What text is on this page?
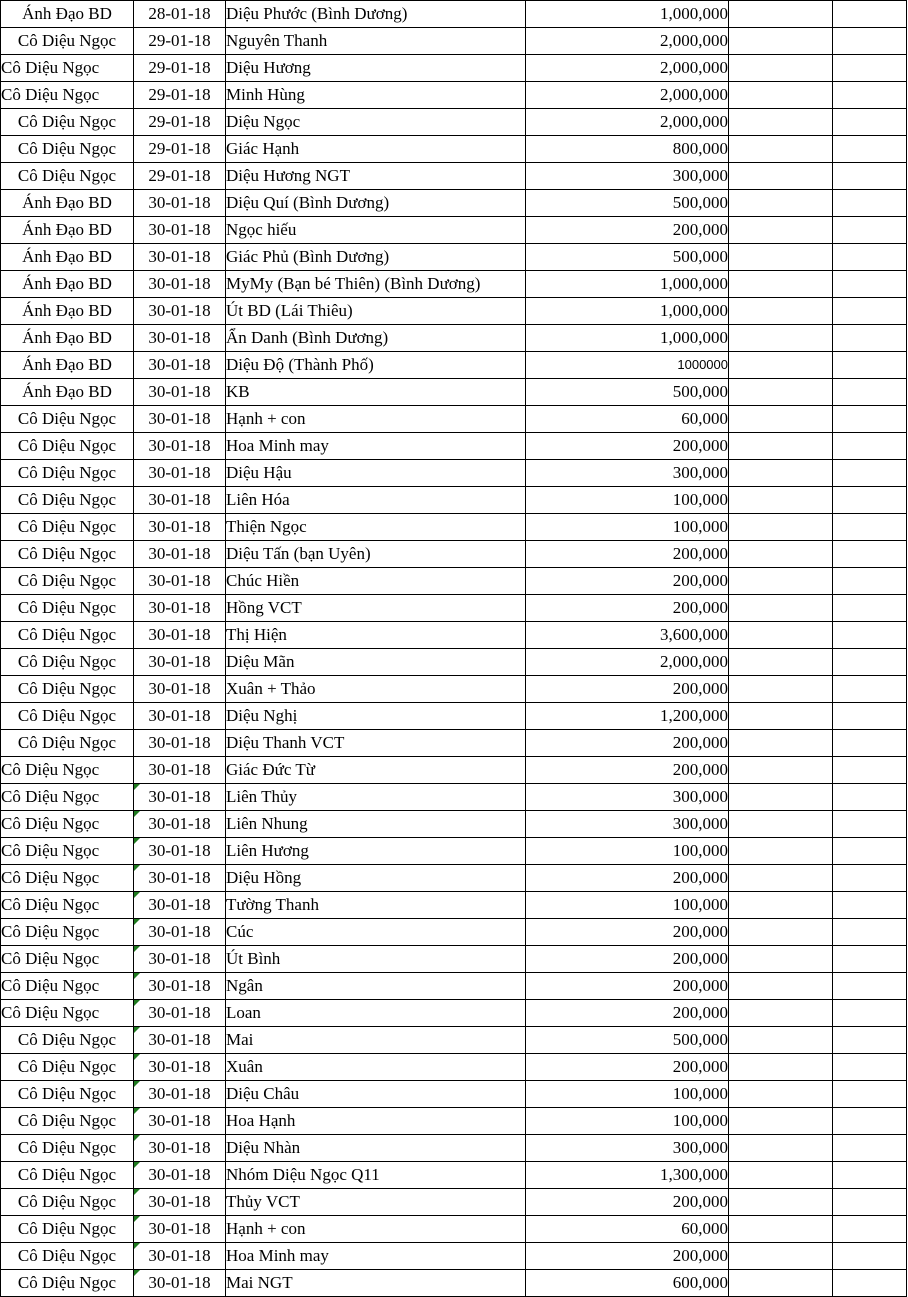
Ánh Đạo BD	28-01-18	Diệu Phước (Bình Dương)	1,000,000		
Cô Diệu Ngọc	29-01-18	Nguyên Thanh	2,000,000		
Cô Diệu Ngọc	29-01-18	Diệu Hương	2,000,000		
Cô Diệu Ngọc	29-01-18	Minh Hùng	2,000,000		
Cô Diệu Ngọc	29-01-18	Diệu Ngọc	2,000,000		
Cô Diệu Ngọc	29-01-18	Giác Hạnh	800,000		
Cô Diệu Ngọc	29-01-18	Diệu Hương NGT	300,000		
Ánh Đạo BD	30-01-18	Diệu Quí (Bình Dương)	500,000		
Ánh Đạo BD	30-01-18	Ngọc hiếu	200,000		
Ánh Đạo BD	30-01-18	Giác Phủ (Bình Dương)	500,000		
Ánh Đạo BD	30-01-18	MyMy (Bạn bé Thiên) (Bình Dương)	1,000,000		
Ánh Đạo BD	30-01-18	Út BD (Lái Thiêu)	1,000,000		
Ánh Đạo BD	30-01-18	Ẩn Danh (Bình Dương)	1,000,000		
Ánh Đạo BD	30-01-18	Diệu Độ (Thành Phố)	1000000		
Ánh Đạo BD	30-01-18	KB	500,000		
Cô Diệu Ngọc	30-01-18	Hạnh + con	60,000		
Cô Diệu Ngọc	30-01-18	Hoa Minh may	200,000		
Cô Diệu Ngọc	30-01-18	Diệu Hậu	300,000		
Cô Diệu Ngọc	30-01-18	Liên Hóa	100,000		
Cô Diệu Ngọc	30-01-18	Thiện Ngọc	100,000		
Cô Diệu Ngọc	30-01-18	Diệu Tấn (bạn Uyên)	200,000		
Cô Diệu Ngọc	30-01-18	Chúc Hiền	200,000		
Cô Diệu Ngọc	30-01-18	Hồng VCT	200,000		
Cô Diệu Ngọc	30-01-18	Thị Hiện	3,600,000		
Cô Diệu Ngọc	30-01-18	Diệu Mãn	2,000,000		
Cô Diệu Ngọc	30-01-18	Xuân + Thảo	200,000		
Cô Diệu Ngọc	30-01-18	Diệu Nghị	1,200,000		
Cô Diệu Ngọc	30-01-18	Diệu Thanh VCT	200,000		
Cô Diệu Ngọc	30-01-18	Giác Đức Từ	200,000		
Cô Diệu Ngọc	30-01-18	Liên Thủy	300,000		
Cô Diệu Ngọc	30-01-18	Liên Nhung	300,000		
Cô Diệu Ngọc	30-01-18	Liên Hương	100,000		
Cô Diệu Ngọc	30-01-18	Diệu Hồng	200,000		
Cô Diệu Ngọc	30-01-18	Tường Thanh	100,000		
Cô Diệu Ngọc	30-01-18	Cúc	200,000		
Cô Diệu Ngọc	30-01-18	Út Bình	200,000		
Cô Diệu Ngọc	30-01-18	Ngân	200,000		
Cô Diệu Ngọc	30-01-18	Loan	200,000		
Cô Diệu Ngọc	30-01-18	Mai	500,000		
Cô Diệu Ngọc	30-01-18	Xuân	200,000		
Cô Diệu Ngọc	30-01-18	Diệu Châu	100,000		
Cô Diệu Ngọc	30-01-18	Hoa Hạnh	100,000		
Cô Diệu Ngọc	30-01-18	Diệu Nhàn	300,000		
Cô Diệu Ngọc	30-01-18	Nhóm Diệu Ngọc Q11	1,300,000		
Cô Diệu Ngọc	30-01-18	Thủy VCT	200,000		
Cô Diệu Ngọc	30-01-18	Hạnh + con	60,000		
Cô Diệu Ngọc	30-01-18	Hoa Minh may	200,000		
Cô Diệu Ngọc	30-01-18	Mai NGT	600,000		
